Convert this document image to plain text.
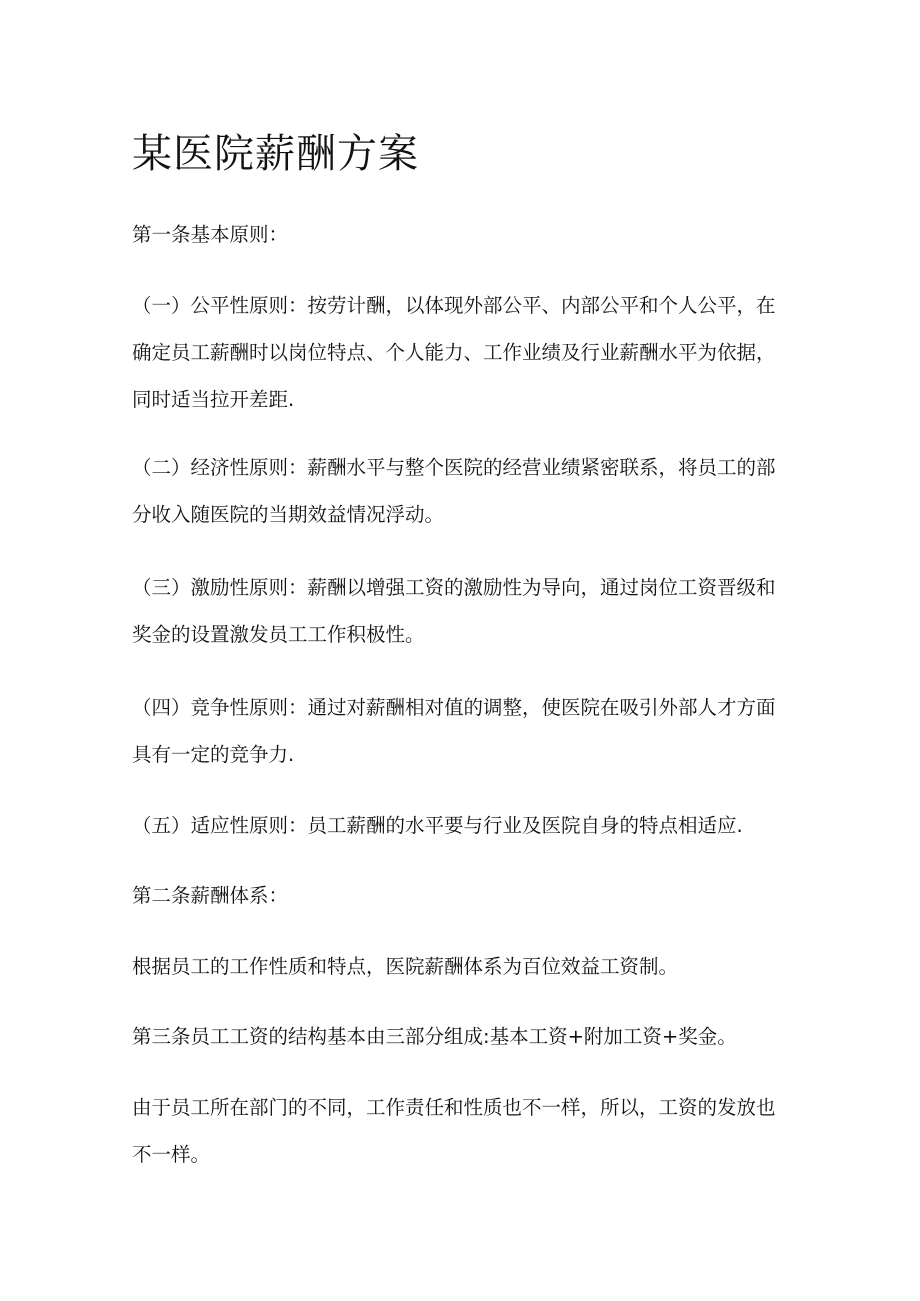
某医院薪酬方案

第一条基本原则：

（一）公平性原则：按劳计酬，以体现外部公平、内部公平和个人公平，在确定员工薪酬时以岗位特点、个人能力、工作业绩及行业薪酬水平为依据，同时适当拉开差距.

（二）经济性原则：薪酬水平与整个医院的经营业绩紧密联系，将员工的部分收入随医院的当期效益情况浮动。

（三）激励性原则：薪酬以增强工资的激励性为导向，通过岗位工资晋级和奖金的设置激发员工工作积极性。

（四）竞争性原则：通过对薪酬相对值的调整，使医院在吸引外部人才方面具有一定的竞争力.

（五）适应性原则：员工薪酬的水平要与行业及医院自身的特点相适应.

第二条薪酬体系：

根据员工的工作性质和特点，医院薪酬体系为百位效益工资制。

第三条员工工资的结构基本由三部分组成:基本工资+附加工资+奖金。

由于员工所在部门的不同，工作责任和性质也不一样，所以，工资的发放也不一样。
